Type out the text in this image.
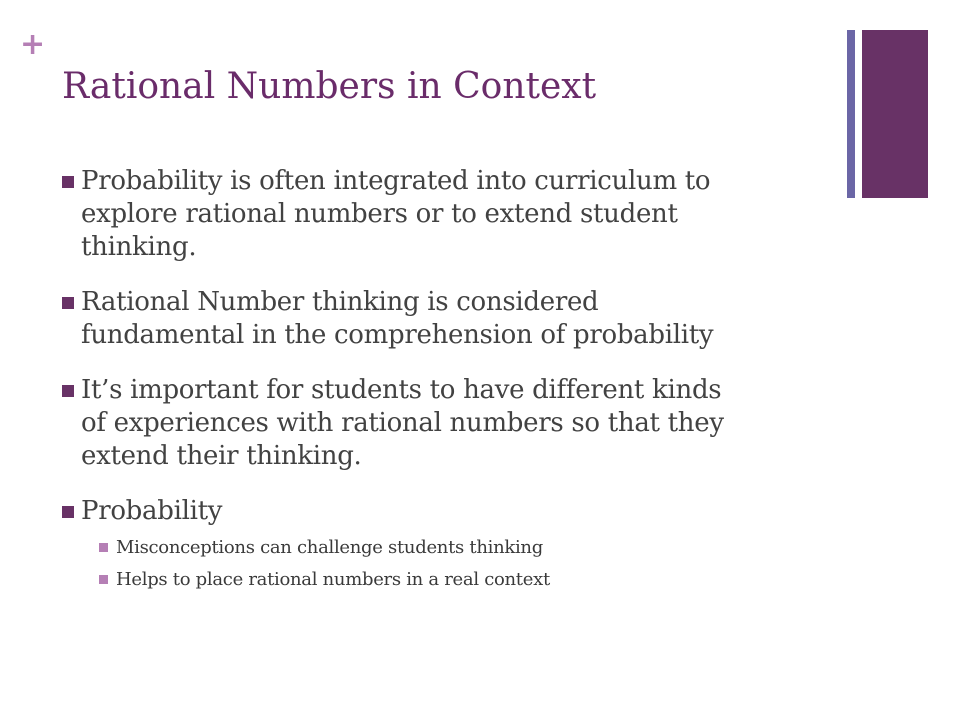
+
Rational Numbers in Context
Probability is often integrated into curriculum to
explore rational numbers or to extend student
thinking.
Rational Number thinking is considered
fundamental in the comprehension of probability
It’s important for students to have different kinds
of experiences with rational numbers so that they
extend their thinking.
Probability
Misconceptions can challenge students thinking
Helps to place rational numbers in a real context
